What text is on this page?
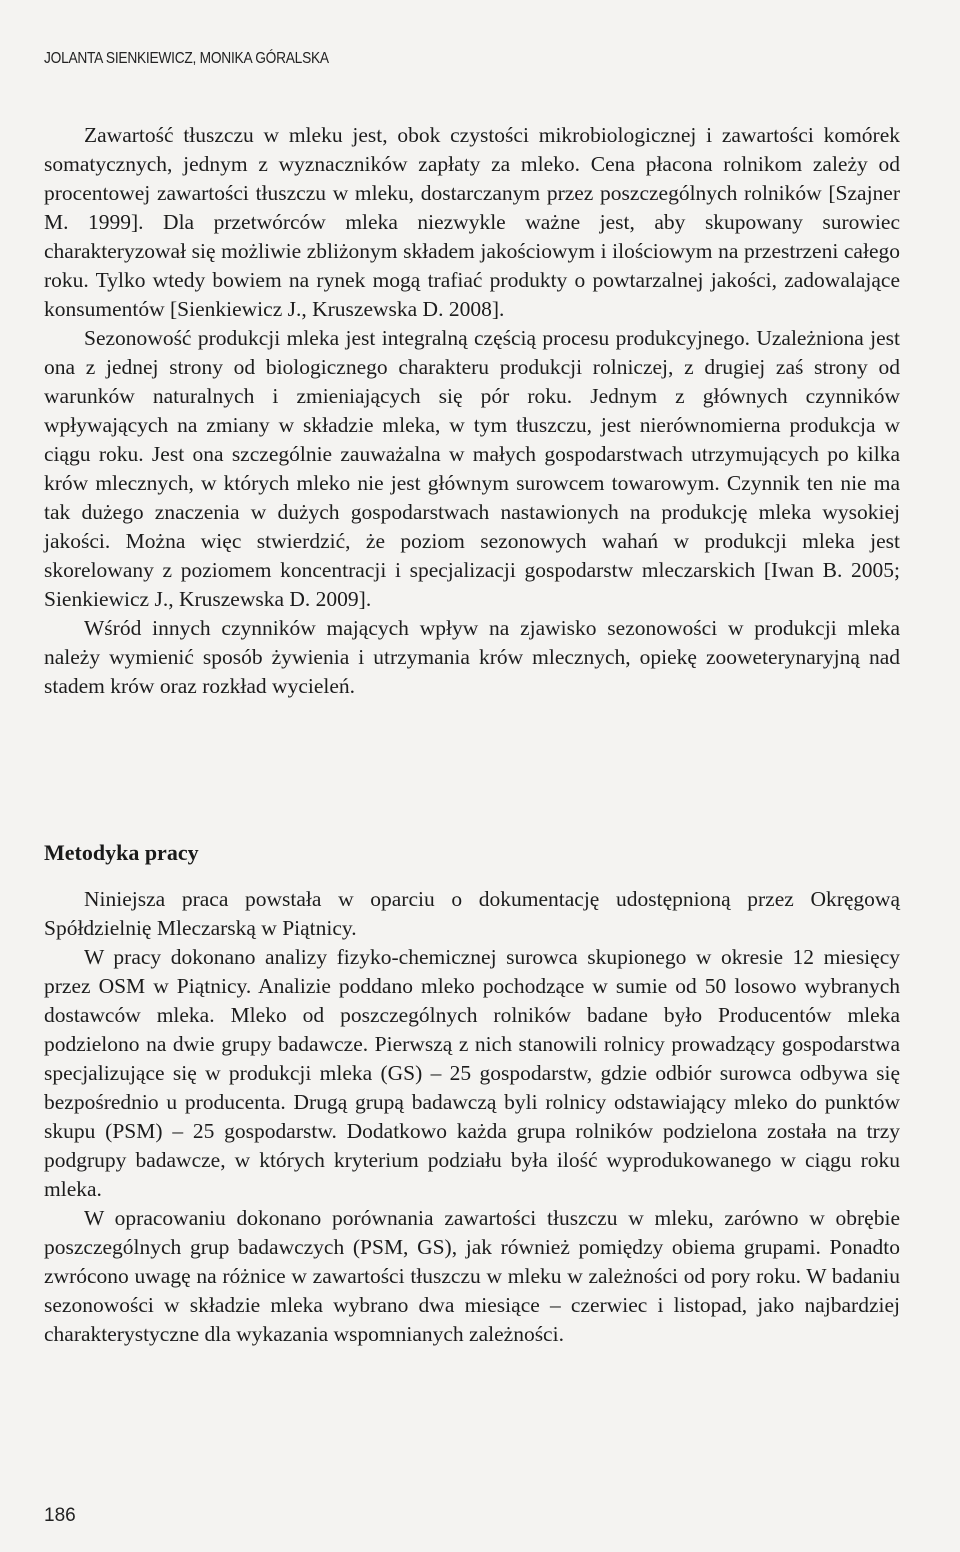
JOLANTA SIENKIEWICZ, MONIKA GÓRALSKA

Zawartość tłuszczu w mleku jest, obok czystości mikrobiologicznej i zawartości komórek somatycznych, jednym z wyznaczników zapłaty za mleko. Cena płacona rolnikom zależy od procentowej zawartości tłuszczu w mleku, dostarczanym przez poszczególnych rolników [Szajner M. 1999]. Dla przetwórców mleka niezwykle ważne jest, aby skupowany surowiec charakteryzował się możliwie zbliżonym składem jakościowym i ilościowym na przestrzeni całego roku. Tylko wtedy bowiem na rynek mogą trafiać produkty o powtarzalnej jakości, zadowalające konsumentów [Sienkiewicz J., Kruszewska D. 2008].

Sezonowość produkcji mleka jest integralną częścią procesu produkcyjnego. Uzależniona jest ona z jednej strony od biologicznego charakteru produkcji rolniczej, z drugiej zaś strony od warunków naturalnych i zmieniających się pór roku. Jednym z głównych czynników wpływających na zmiany w składzie mleka, w tym tłuszczu, jest nierównomierna produkcja w ciągu roku. Jest ona szczególnie zauważalna w małych gospodarstwach utrzymujących po kilka krów mlecznych, w których mleko nie jest głównym surowcem towarowym. Czynnik ten nie ma tak dużego znaczenia w dużych gospodarstwach nastawionych na produkcję mleka wysokiej jakości. Można więc stwierdzić, że poziom sezonowych wahań w produkcji mleka jest skorelowany z poziomem koncentracji i specjalizacji gospodarstw mleczarskich [Iwan B. 2005; Sienkiewicz J., Kruszewska D. 2009].

Wśród innych czynników mających wpływ na zjawisko sezonowości w produkcji mleka należy wymienić sposób żywienia i utrzymania krów mlecznych, opiekę zooweterynaryjną nad stadem krów oraz rozkład wycieleń.

Metodyka pracy

Niniejsza praca powstała w oparciu o dokumentację udostępnioną przez Okręgową Spółdzielnię Mleczarską w Piątnicy.

W pracy dokonano analizy fizyko-chemicznej surowca skupionego w okresie 12 miesięcy przez OSM w Piątnicy. Analizie poddano mleko pochodzące w sumie od 50 losowo wybranych dostawców mleka. Mleko od poszczególnych rolników badane było Producentów mleka podzielono na dwie grupy badawcze. Pierwszą z nich stanowili rolnicy prowadzący gospodarstwa specjalizujące się w produkcji mleka (GS) – 25 gospodarstw, gdzie odbiór surowca odbywa się bezpośrednio u producenta. Drugą grupą badawczą byli rolnicy odstawiający mleko do punktów skupu (PSM) – 25 gospodarstw. Dodatkowo każda grupa rolników podzielona została na trzy podgrupy badawcze, w których kryterium podziału była ilość wyprodukowanego w ciągu roku mleka.

W opracowaniu dokonano porównania zawartości tłuszczu w mleku, zarówno w obrębie poszczególnych grup badawczych (PSM, GS), jak również pomiędzy obiema grupami. Ponadto zwrócono uwagę na różnice w zawartości tłuszczu w mleku w zależności od pory roku. W badaniu sezonowości w składzie mleka wybrano dwa miesiące – czerwiec i listopad, jako najbardziej charakterystyczne dla wykazania wspomnianych zależności.

186
